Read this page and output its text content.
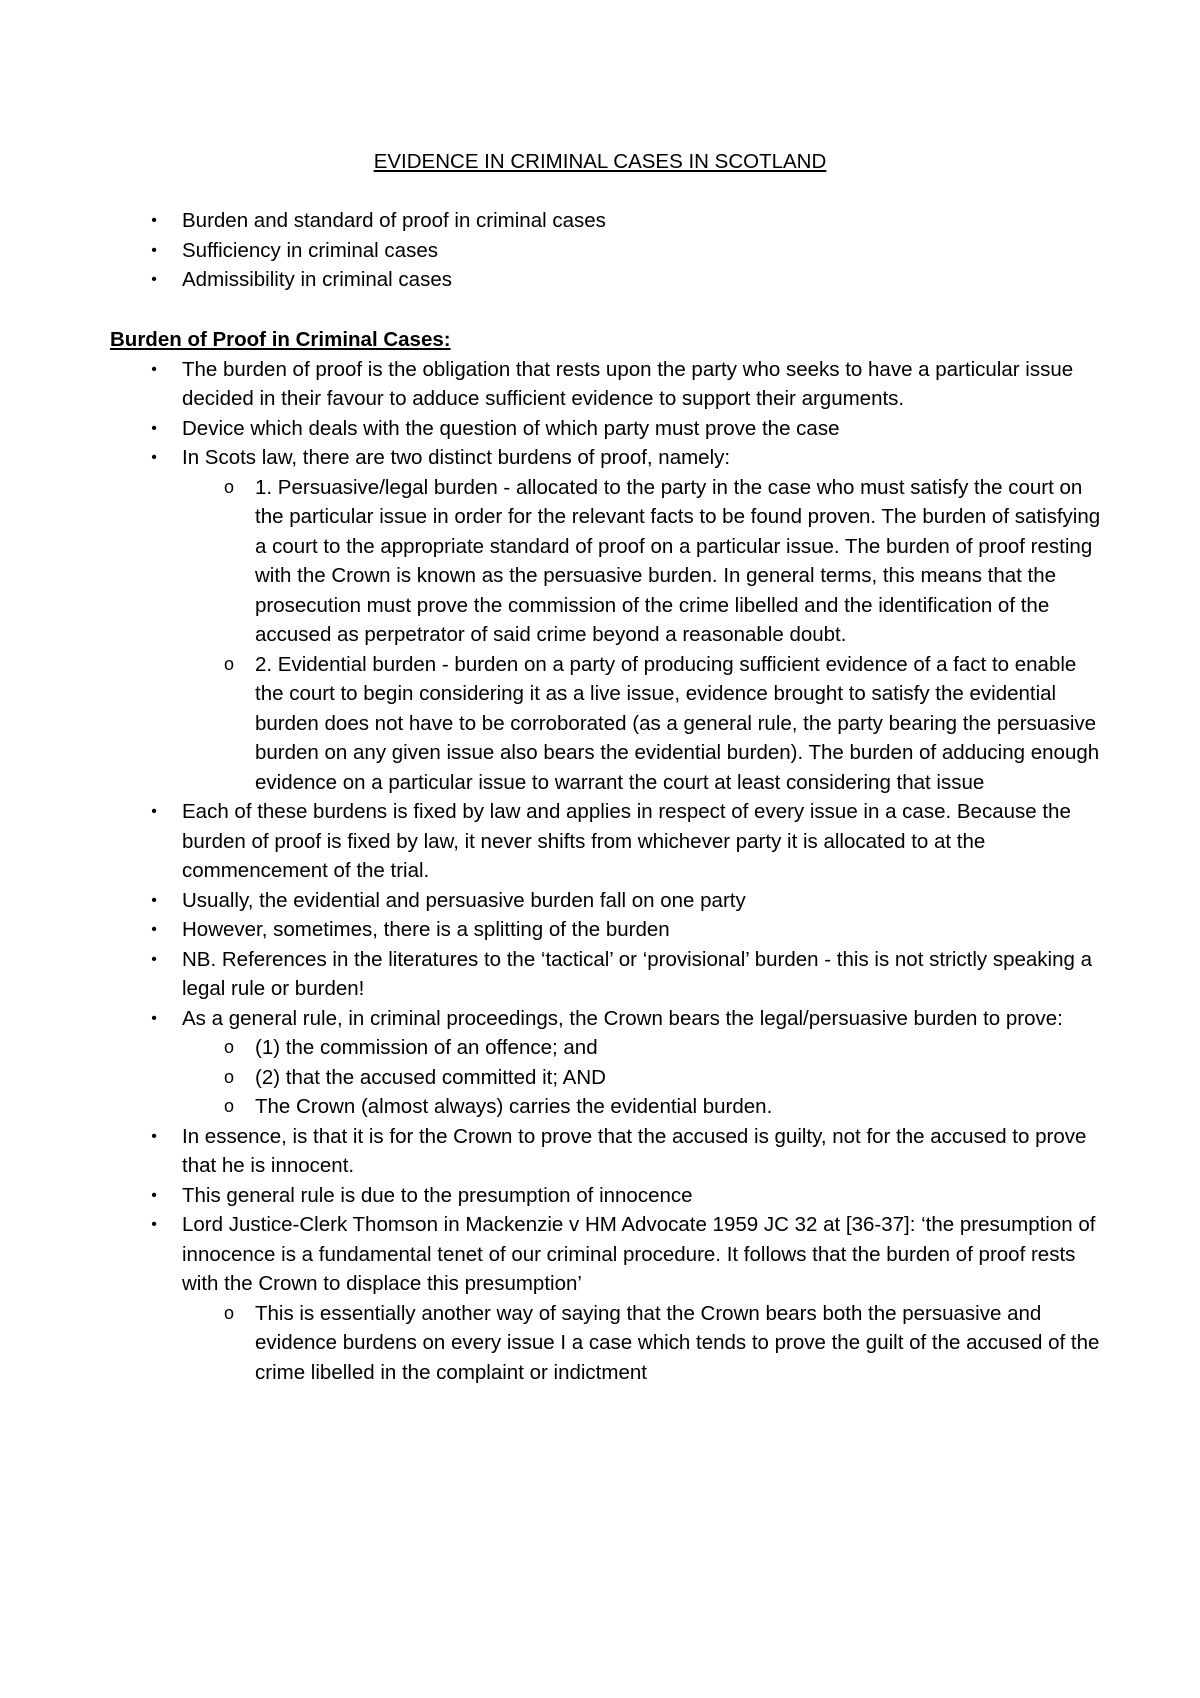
EVIDENCE IN CRIMINAL CASES IN SCOTLAND
•	Burden and standard of proof in criminal cases
•	Sufficiency in criminal cases
•	Admissibility in criminal cases

Burden of Proof in Criminal Cases:

•	The burden of proof is the obligation that rests upon the party who seeks to have a particular issue decided in their favour to adduce sufficient evidence to support their arguments.
•	Device which deals with the question of which party must prove the case
•	In Scots law, there are two distinct burdens of proof, namely:
o 1. Persuasive/legal burden - allocated to the party in the case who must satisfy the court on the particular issue in order for the relevant facts to be found proven. The burden of satisfying a court to the appropriate standard of proof on a particular issue. The burden of proof resting with the Crown is known as the persuasive burden. In general terms, this means that the prosecution must prove the commission of the crime libelled and the identification of the accused as perpetrator of said crime beyond a reasonable doubt.
o 2. Evidential burden - burden on a party of producing sufficient evidence of a fact to enable the court to begin considering it as a live issue, evidence brought to satisfy the evidential burden does not have to be corroborated (as a general rule, the party bearing the persuasive burden on any given issue also bears the evidential burden). The burden of adducing enough evidence on a particular issue to warrant the court at least considering that issue
•	Each of these burdens is fixed by law and applies in respect of every issue in a case. Because the burden of proof is fixed by law, it never shifts from whichever party it is allocated to at the commencement of the trial.
•	Usually, the evidential and persuasive burden fall on one party
•	However, sometimes, there is a splitting of the burden
•	NB. References in the literatures to the ‘tactical’ or ‘provisional’ burden - this is not strictly speaking a legal rule or burden!
•	As a general rule, in criminal proceedings, the Crown bears the legal/persuasive burden to prove:
o (1) the commission of an offence; and
o (2) that the accused committed it; AND
o The Crown (almost always) carries the evidential burden.
•	In essence, is that it is for the Crown to prove that the accused is guilty, not for the accused to prove that he is innocent.
•	This general rule is due to the presumption of innocence
•	Lord Justice-Clerk Thomson in Mackenzie v HM Advocate 1959 JC 32 at [36-37]: ‘the presumption of innocence is a fundamental tenet of our criminal procedure. It follows that the burden of proof rests with the Crown to displace this presumption’
o This is essentially another way of saying that the Crown bears both the persuasive and evidence burdens on every issue I a case which tends to prove the guilt of the accused of the crime libelled in the complaint or indictment
